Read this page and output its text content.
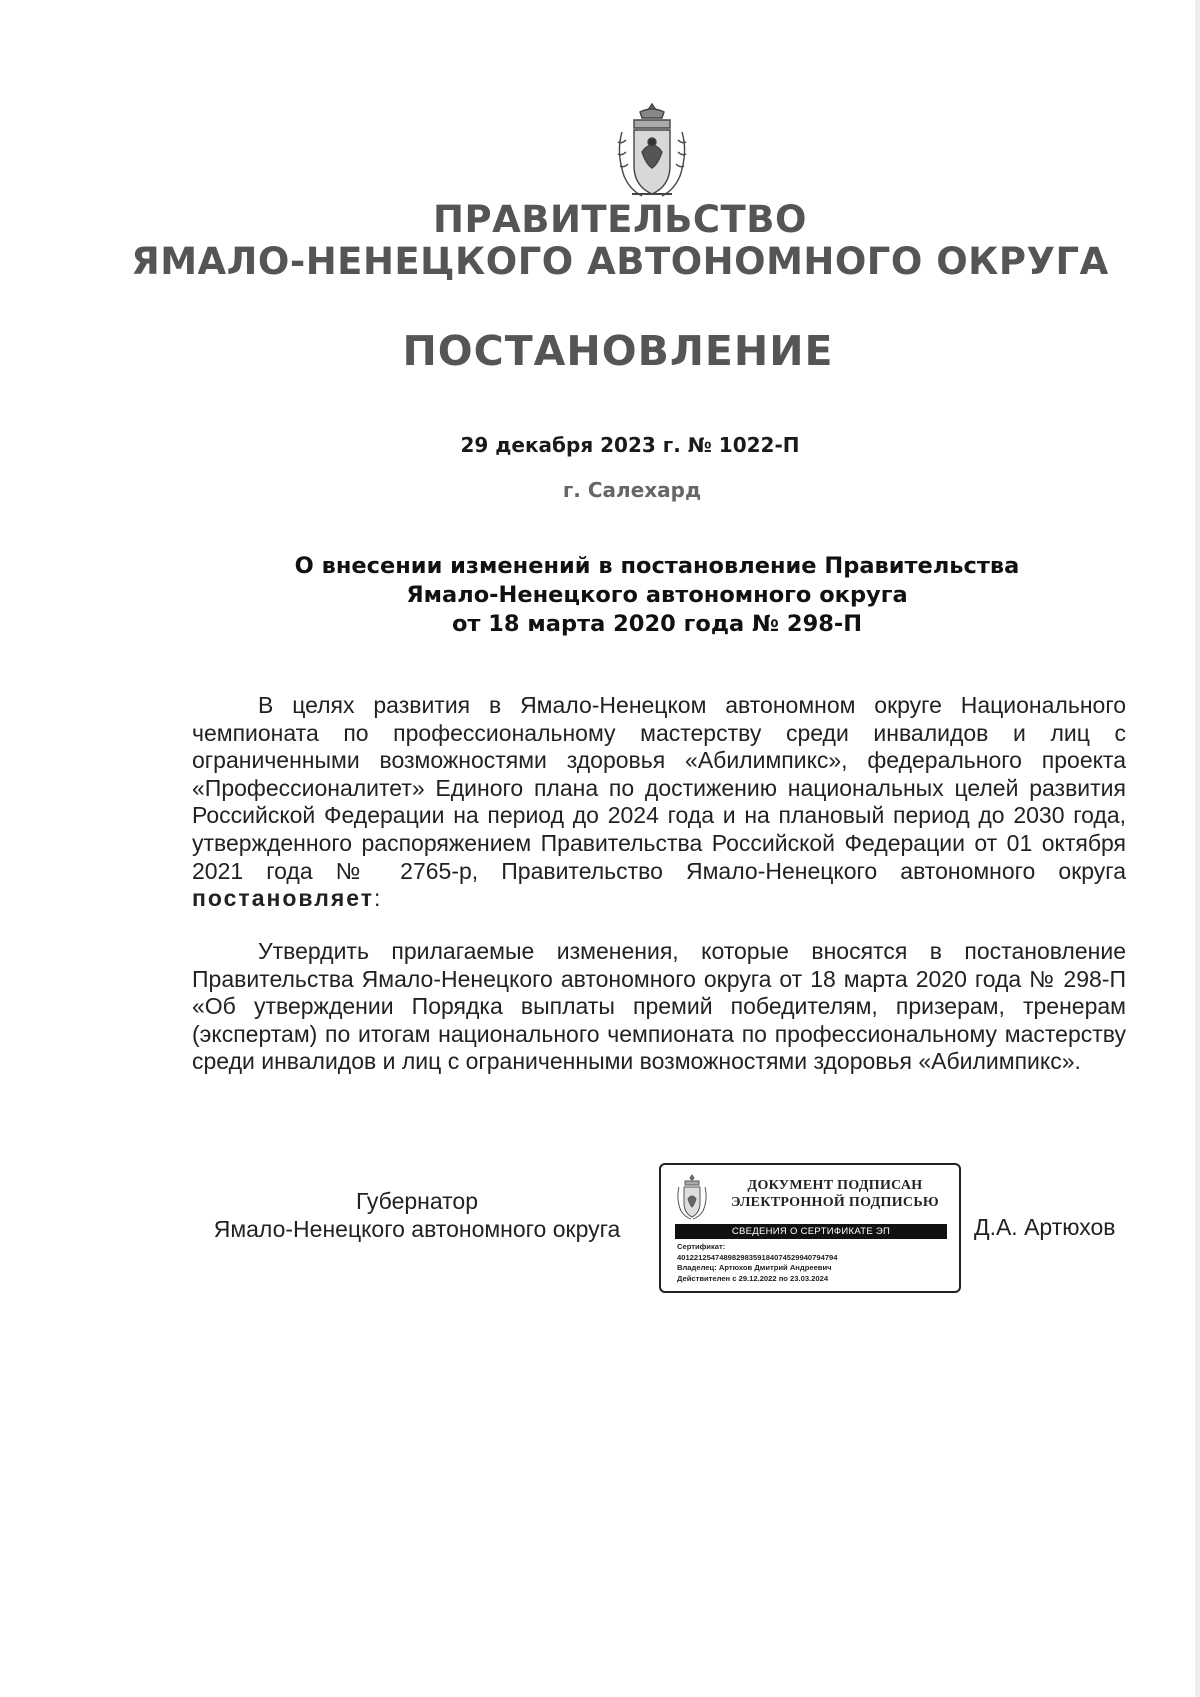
ПРАВИТЕЛЬСТВО
ЯМАЛО-НЕНЕЦКОГО АВТОНОМНОГО ОКРУГА
ПОСТАНОВЛЕНИЕ
29 декабря 2023 г. № 1022-П
г. Салехард
О внесении изменений в постановление Правительства
Ямало-Ненецкого автономного округа
от 18 марта 2020 года № 298-П
В целях развития в Ямало-Ненецком автономном округе Национального чемпионата по профессиональному мастерству среди инвалидов и лиц с ограниченными возможностями здоровья «Абилимпикс», федерального проекта «Профессионалитет» Единого плана по достижению национальных целей развития Российской Федерации на период до 2024 года и на плановый период до 2030 года, утвержденного распоряжением Правительства Российской Федерации от 01 октября 2021 года № 2765-р, Правительство Ямало-Ненецкого автономного округа постановляет:
Утвердить прилагаемые изменения, которые вносятся в постановление Правительства Ямало-Ненецкого автономного округа от 18 марта 2020 года № 298-П «Об утверждении Порядка выплаты премий победителям, призерам, тренерам (экспертам) по итогам национального чемпионата по профессиональному мастерству среди инвалидов и лиц с ограниченными возможностями здоровья «Абилимпикс».
Губернатор
Ямало-Ненецкого автономного округа
ДОКУМЕНТ ПОДПИСАН
ЭЛЕКТРОННОЙ ПОДПИСЬЮ
СВЕДЕНИЯ О СЕРТИФИКАТЕ ЭП
Сертификат:
401221254748982983591840745299407947​94
Владелец: Артюхов Дмитрий Андреевич
Действителен с 29.12.2022 по 23.03.2024
Д.А. Артюхов
